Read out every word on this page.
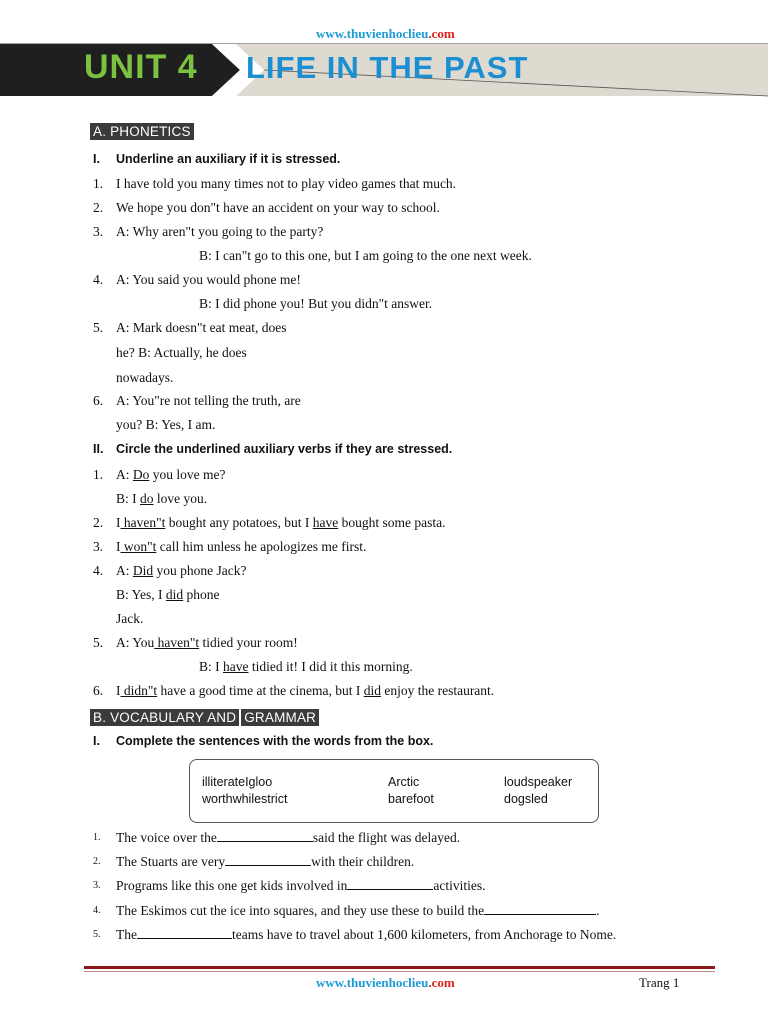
www.thuvienhoclieu.com
UNIT 4 LIFE IN THE PAST
A. PHONETICS
I. Underline an auxiliary if it is stressed.
1. I have told you many times not to play video games that much.
2. We hope you don"t have an accident on your way to school.
3. A: Why aren"t you going to the party?
B: I can"t go to this one, but I am going to the one next week.
4. A: You said you would phone me!
B: I did phone you! But you didn"t answer.
5. A: Mark doesn"t eat meat, does
he? B: Actually, he does
nowadays.
6. A: You"re not telling the truth, are
you? B: Yes, I am.
II. Circle the underlined auxiliary verbs if they are stressed.
1. A: Do you love me?
B: I do love you.
2. I haven"t bought any potatoes, but I have bought some pasta.
3. I won"t call him unless he apologizes me first.
4. A: Did you phone Jack?
B: Yes, I did phone
Jack.
5. A: You haven"t tidied your room!
B: I have tidied it! I did it this morning.
6. I didn"t have a good time at the cinema, but I did enjoy the restaurant.
B. VOCABULARY AND GRAMMAR
I. Complete the sentences with the words from the box.
illiterateIgloo	Arctic	loudspeaker
worthwhilestrict	barefoot	dogsled
1. The voice over the	said the flight was delayed.
2. The Stuarts are very	with their children.
3. Programs like this one get kids involved in	activities.
4. The Eskimos cut the ice into squares, and they use these to build the	.
5. The	teams have to travel about 1,600 kilometers, from Anchorage to Nome.
www.thuvienhoclieu.com	Trang 1
